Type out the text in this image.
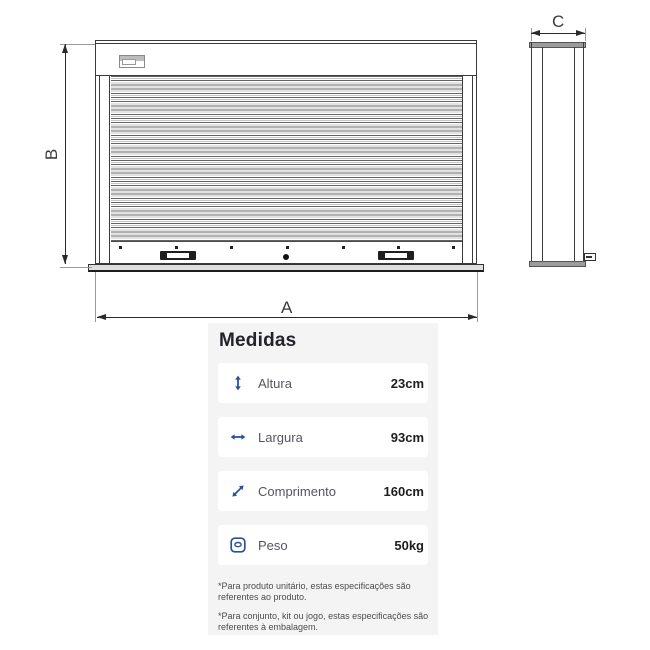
B
A
C
Medidas
Altura	23cm
Largura	93cm
Comprimento	160cm
Peso	50kg

*Para produto unitário, estas especificações são referentes ao produto.

*Para conjunto, kit ou jogo, estas especificações são referentes à embalagem.
